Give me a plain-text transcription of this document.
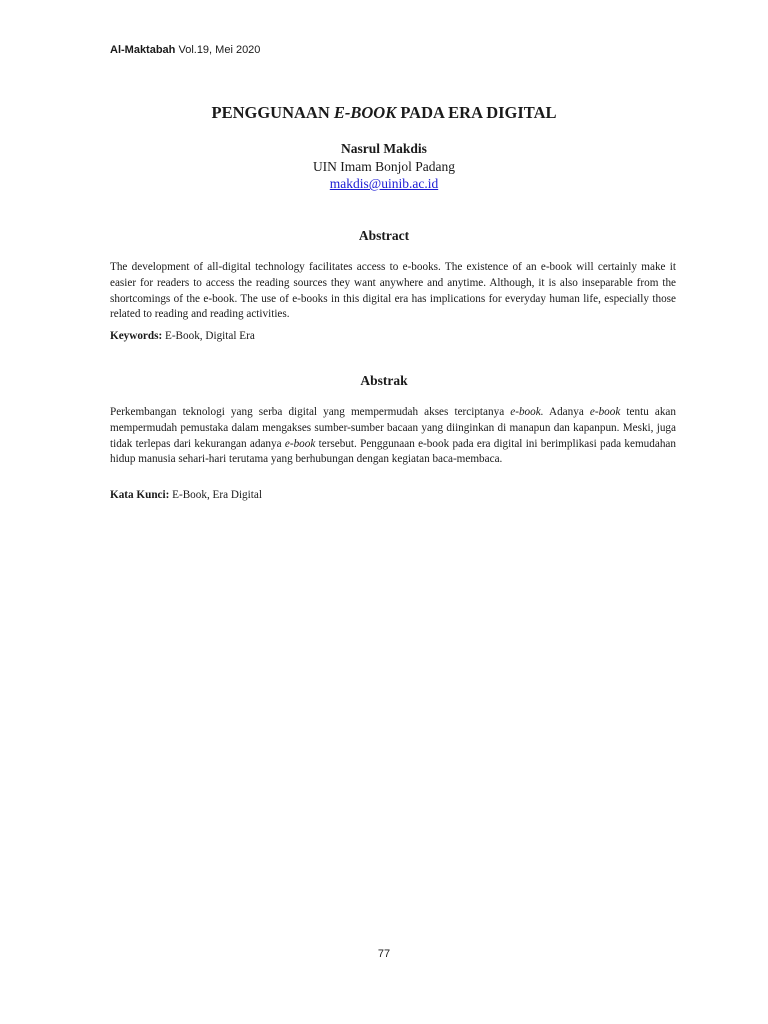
Al-Maktabah Vol.19, Mei 2020
PENGGUNAAN E-BOOK PADA ERA DIGITAL
Nasrul Makdis
UIN Imam Bonjol Padang
makdis@uinib.ac.id
Abstract
The development of all-digital technology facilitates access to e-books. The existence of an e-book will certainly make it easier for readers to access the reading sources they want anywhere and anytime. Although, it is also inseparable from the shortcomings of the e-book. The use of e-books in this digital era has implications for everyday human life, especially those related to reading and reading activities.
Keywords: E-Book, Digital Era
Abstrak
Perkembangan teknologi yang serba digital yang mempermudah akses terciptanya e-book. Adanya e-book tentu akan mempermudah pemustaka dalam mengakses sumber-sumber bacaan yang diinginkan di manapun dan kapanpun. Meski, juga tidak terlepas dari kekurangan adanya e-book tersebut. Penggunaan e-book pada era digital ini berimplikasi pada kemudahan hidup manusia sehari-hari terutama yang berhubungan dengan kegiatan baca-membaca.
Kata Kunci: E-Book, Era Digital
77
